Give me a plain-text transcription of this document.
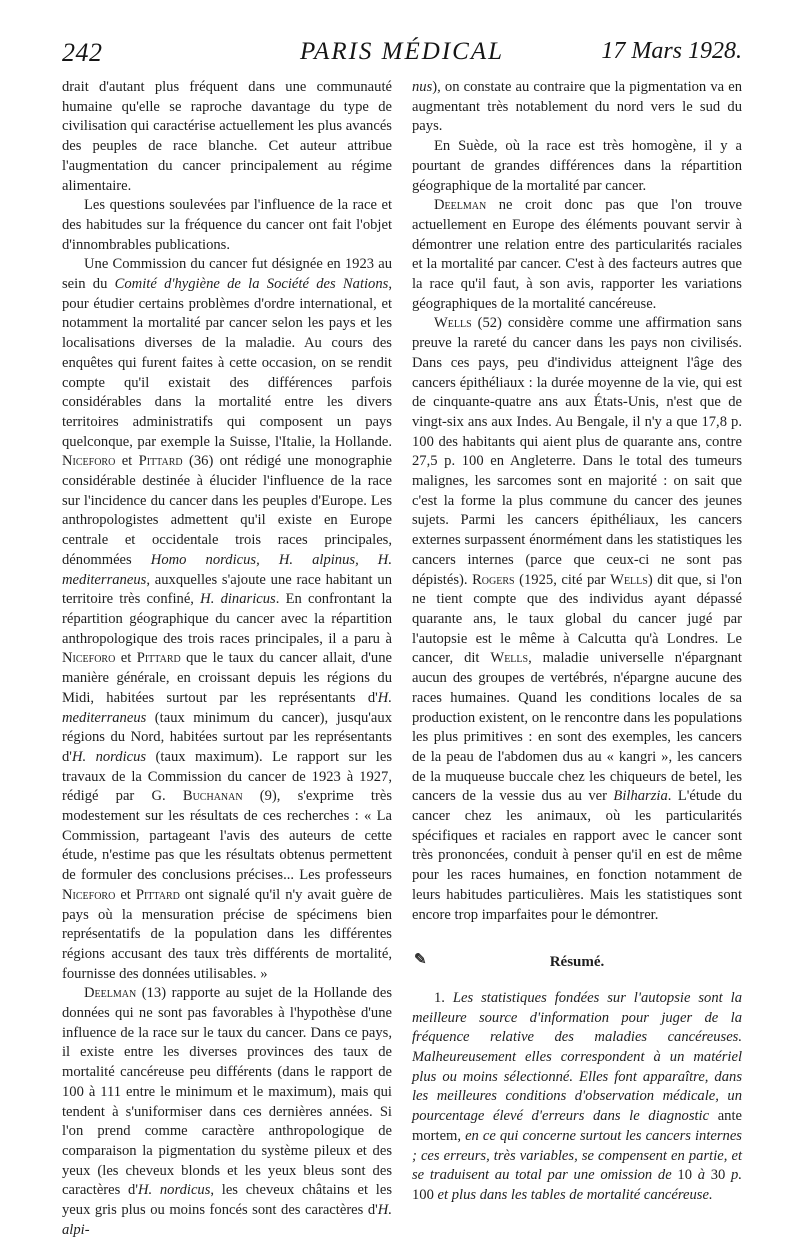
242	PARIS MÉDICAL	17 Mars 1928.

drait d'autant plus fréquent dans une communauté humaine qu'elle se raproche davantage du type de civilisation qui caractérise actuellement les plus avancés des peuples de race blanche. Cet auteur attribue l'augmentation du cancer principalement au régime alimentaire.

Les questions soulevées par l'influence de la race et des habitudes sur la fréquence du cancer ont fait l'objet d'innombrables publications.

Une Commission du cancer fut désignée en 1923 au sein du Comité d'hygiène de la Société des Nations, pour étudier certains problèmes d'ordre international, et notamment la mortalité par cancer selon les pays et les localisations diverses de la maladie. Au cours des enquêtes qui furent faites à cette occasion, on se rendit compte qu'il existait des différences parfois considérables dans la mortalité entre les divers territoires administratifs qui composent un pays quelconque, par exemple la Suisse, l'Italie, la Hollande. Niceforo et Pittard (36) ont rédigé une monographie considérable destinée à élucider l'influence de la race sur l'incidence du cancer dans les peuples d'Europe. Les anthropologistes admettent qu'il existe en Europe centrale et occidentale trois races principales, dénommées Homo nordicus, H. alpinus, H. mediterraneus, auxquelles s'ajoute une race habitant un territoire très confiné, H. dinaricus. En confrontant la répartition géographique du cancer avec la répartition anthropologique des trois races principales, il a paru à Niceforo et Pittard que le taux du cancer allait, d'une manière générale, en croissant depuis les régions du Midi, habitées surtout par les représentants d'H. mediterraneus (taux minimum du cancer), jusqu'aux régions du Nord, habitées surtout par les représentants d'H. nordicus (taux maximum). Le rapport sur les travaux de la Commission du cancer de 1923 à 1927, rédigé par G. Buchanan (9), s'exprime très modestement sur les résultats de ces recherches : « La Commission, partageant l'avis des auteurs de cette étude, n'estime pas que les résultats obtenus permettent de formuler des conclusions précises... Les professeurs Niceforo et Pittard ont signalé qu'il n'y avait guère de pays où la mensuration précise de spécimens bien représentatifs de la population dans les différentes régions accusant des taux très différents de mortalité, fournisse des données utilisables. »

Deelman (13) rapporte au sujet de la Hollande des données qui ne sont pas favorables à l'hypothèse d'une influence de la race sur le taux du cancer. Dans ce pays, il existe entre les diverses provinces des taux de mortalité cancéreuse peu différents (dans le rapport de 100 à 111 entre le minimum et le maximum), mais qui tendent à s'uniformiser dans ces dernières années. Si l'on prend comme caractère anthropologique de comparaison la pigmentation du système pileux et des yeux (les cheveux blonds et les yeux bleus sont des caractères d'H. nordicus, les cheveux châtains et les yeux gris plus ou moins foncés sont des caractères d'H. alpi-

nus), on constate au contraire que la pigmentation va en augmentant très notablement du nord vers le sud du pays.

En Suède, où la race est très homogène, il y a pourtant de grandes différences dans la répartition géographique de la mortalité par cancer.

Deelman ne croit donc pas que l'on trouve actuellement en Europe des éléments pouvant servir à démontrer une relation entre des particularités raciales et la mortalité par cancer. C'est à des facteurs autres que la race qu'il faut, à son avis, rapporter les variations géographiques de la mortalité cancéreuse.

Wells (52) considère comme une affirmation sans preuve la rareté du cancer dans les pays non civilisés. Dans ces pays, peu d'individus atteignent l'âge des cancers épithéliaux : la durée moyenne de la vie, qui est de cinquante-quatre ans aux États-Unis, n'est que de vingt-six ans aux Indes. Au Bengale, il n'y a que 17,8 p. 100 des habitants qui aient plus de quarante ans, contre 27,5 p. 100 en Angleterre. Dans le total des tumeurs malignes, les sarcomes sont en majorité : on sait que c'est la forme la plus commune du cancer des jeunes sujets. Parmi les cancers épithéliaux, les cancers externes surpassent énormément dans les statistiques les cancers internes (parce que ceux-ci ne sont pas dépistés). Rogers (1925, cité par Wells) dit que, si l'on ne tient compte que des individus ayant dépassé quarante ans, le taux global du cancer jugé par l'autopsie est le même à Calcutta qu'à Londres. Le cancer, dit Wells, maladie universelle n'épargnant aucun des groupes de vertébrés, n'épargne aucune des races humaines. Quand les conditions locales de sa production existent, on le rencontre dans les populations les plus primitives : en sont des exemples, les cancers de la peau de l'abdomen dus au « kangri », les cancers de la muqueuse buccale chez les chiqueurs de betel, les cancers de la vessie dus au ver Bilharzia. L'étude du cancer chez les animaux, où les particularités spécifiques et raciales en rapport avec le cancer sont très prononcées, conduit à penser qu'il en est de même pour les races humaines, en fonction notamment de leurs habitudes particulières. Mais les statistiques sont encore trop imparfaites pour le démontrer.

✎	Résumé.

1. Les statistiques fondées sur l'autopsie sont la meilleure source d'information pour juger de la fréquence relative des maladies cancéreuses. Malheureusement elles correspondent à un matériel plus ou moins sélectionné. Elles font apparaître, dans les meilleures conditions d'observation médicale, un pourcentage élevé d'erreurs dans le diagnostic ante mortem, en ce qui concerne surtout les cancers internes ; ces erreurs, très variables, se compensent en partie, et se traduisent au total par une omission de 10 à 30 p. 100 et plus dans les tables de mortalité cancéreuse.
